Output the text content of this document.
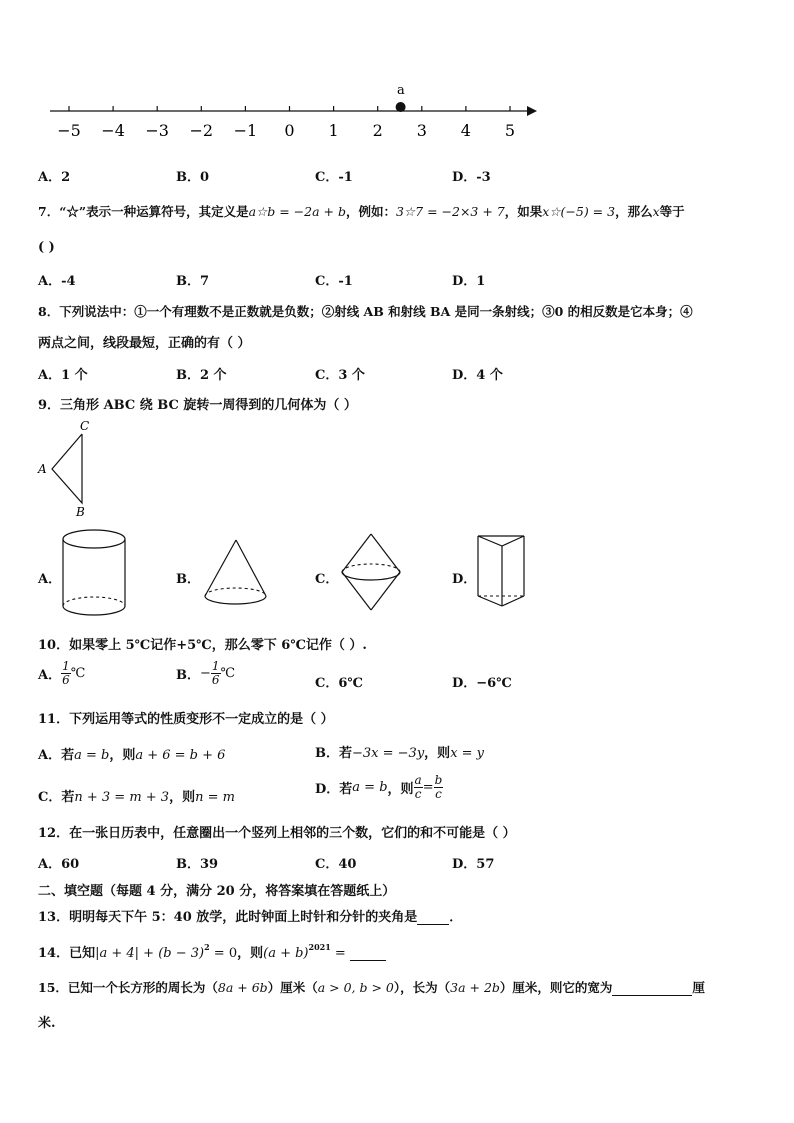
−5 −4 −3 −2 −1 0 1 2 3 4 5
a
A．2	B．0	C．-1	D．-3
7．“☆”表示一种运算符号，其定义是a☆b = −2a + b，例如：3☆7 = −2×3 + 7，如果x☆(−5) = 3，那么x等于
( )
A．-4	B．7	C．-1	D．1
8．下列说法中：①一个有理数不是正数就是负数；②射线 AB 和射线 BA 是同一条射线；③0 的相反数是它本身；④
两点之间，线段最短，正确的有（ ）
A．1 个	B．2 个	C．3 个	D．4 个
9．三角形 ABC 绕 BC 旋转一周得到的几何体为（ ）
C
A
B
A．	B．	C．	D．
10．如果零上 5℃记作+5℃，那么零下 6℃记作（ ）.
A． $\frac{1}{6}$ ℃	B．− $\frac{1}{6}$ ℃
C．6℃	D．−6℃
11．下列运用等式的性质变形不一定成立的是（ ）
A．若a = b，则a + 6 = b + 6	B．若−3x = −3y，则x = y
C．若n + 3 = m + 3，则n = m
D．若a = b，则 $\frac{a}{c} = \frac{b}{c}$
12．在一张日历表中，任意圈出一个竖列上相邻的三个数，它们的和不可能是（ ）
A．60	B．39	C．40	D．57
二、填空题（每题 4 分，满分 20 分，将答案填在答题纸上）
13．明明每天下午 5：40 放学，此时钟面上时针和分针的夹角是 ．
14．已知$|a + 4| + (b - 3)^2 = 0$，则$(a + b)^{2021}$ =
15．已知一个长方形的周长为（8a + 6b）厘米（a > 0, b > 0），长为（3a + 2b）厘米，则它的宽为	厘
米.
